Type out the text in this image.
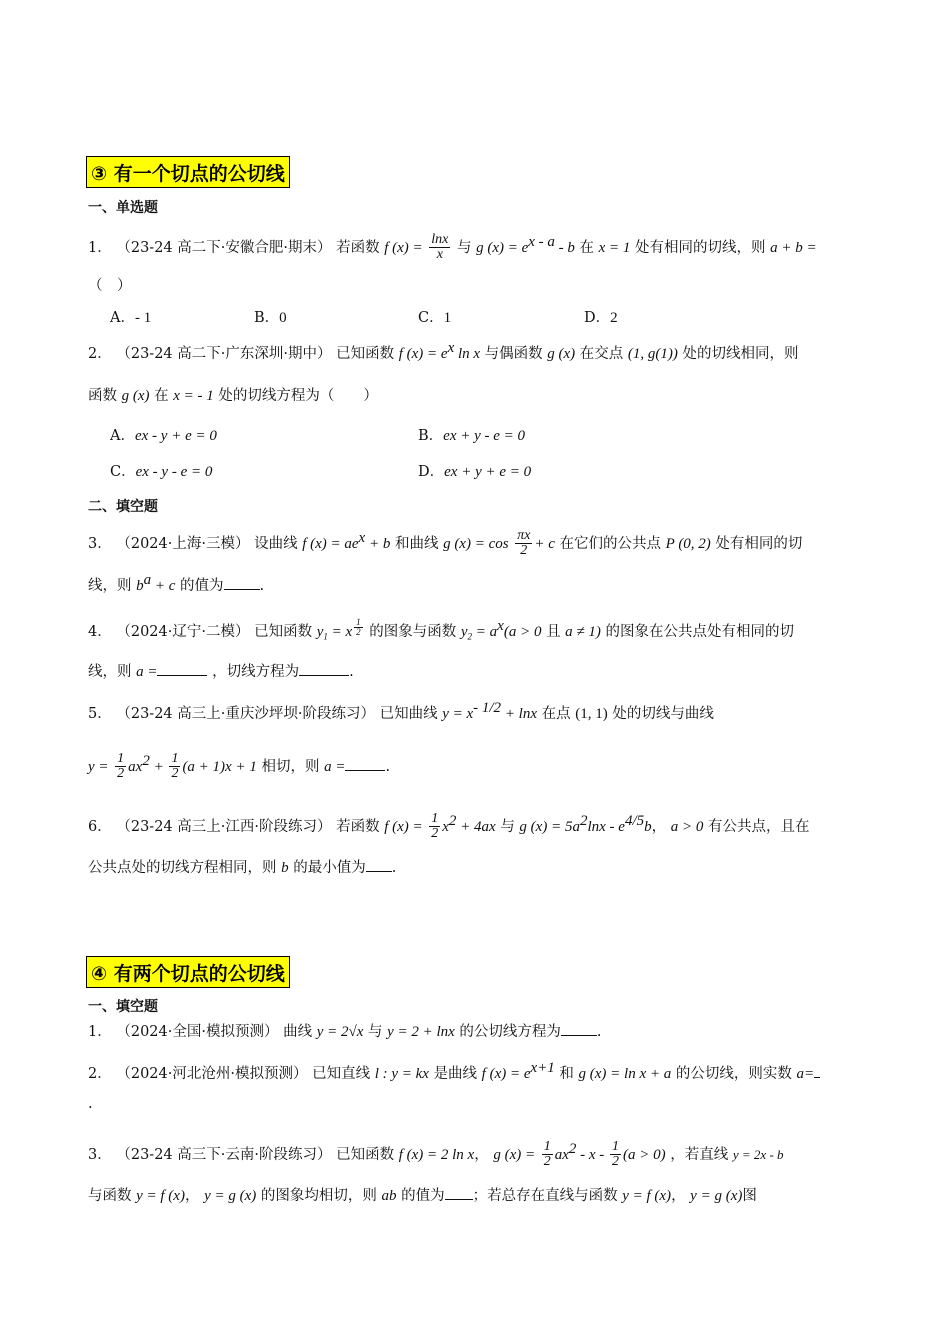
③ 有一个切点的公切线
一、单选题
1． （23-24 高二下·安徽合肥·期末） 若函数 f $(x) = \frac{\ln x}{x}$ 与 g $(x) = e^{x - a} - b$ 在 x = 1 处有相同的切线，则 a + b =
（　）
A．- 1	B．0	C．1	D．2
2． （23-24 高二下·广东深圳·期中） 已知函数 f $(x) = e^x$ ln x 与偶函数 g (x) 在交点 (1, g(1)) 处的切线相同，则
函数 g (x) 在 x = - 1 处的切线方程为（　　）
A．ex - y + e = 0	B．ex + y - e = 0
C．ex - y - e = 0	D．ex + y + e = 0
二、填空题
3． （2024·上海·三模） 设曲线 f $(x) = ae^x + b$ 和曲线 g $(x) = \cos \frac{\pi x}{2} + c$ 在它们的公共点 P (0, 2) 处有相同的切
线，则 $b^a + c$ 的值为 .
4． （2024·辽宁·二模） 已知函数 $y_1 = x \frac{1}{2}$ 的图象与函数 $y_2 = a^x(a > 0$ 且 a ≠ 1) 的图象在公共点处有相同的切
线，则 a =	，切线方程为	.
5． （23-24 高三上·重庆沙坪坝·阶段练习） 已知曲线 $y = x^{- 1/2} + \ln x$ 在点 (1, 1) 处的切线与曲线
$y = \frac{1}{2} ax^2 + \frac{1}{2} (a + 1)x + 1$ 相切，则 a =	.
6． （23-24 高三上·江西·阶段练习） 若函数 f $(x) = \frac{1}{2} x^2 + 4ax$ 与 g $(x) = 5a^2\ln x - e^{4/5}b$， a > 0 有公共点，且在
公共点处的切线方程相同，则 b 的最小值为 .
④ 有两个切点的公切线
一、填空题
1． （2024·全国·模拟预测） 曲线 y = 2√x 与 y = 2 + lnx 的公切线方程为 .
2． （2024·河北沧州·模拟预测） 已知直线 l : y = kx 是曲线 f $(x) = e^{x+1}$ 和 g (x) = ln x + a 的公切线，则实数 a=
.
3． （23-24 高三下·云南·阶段练习） 已知函数 f (x) = 2 ln x， g $(x) = \frac{1}{2} ax^2 - x - \frac{1}{2} (a > 0)$ ，若直线 y = 2x - b
与函数 y = f (x)， y = g (x) 的图象均相切，则 ab 的值为 ；若总存在直线与函数 y = f (x)， y = g (x)图
